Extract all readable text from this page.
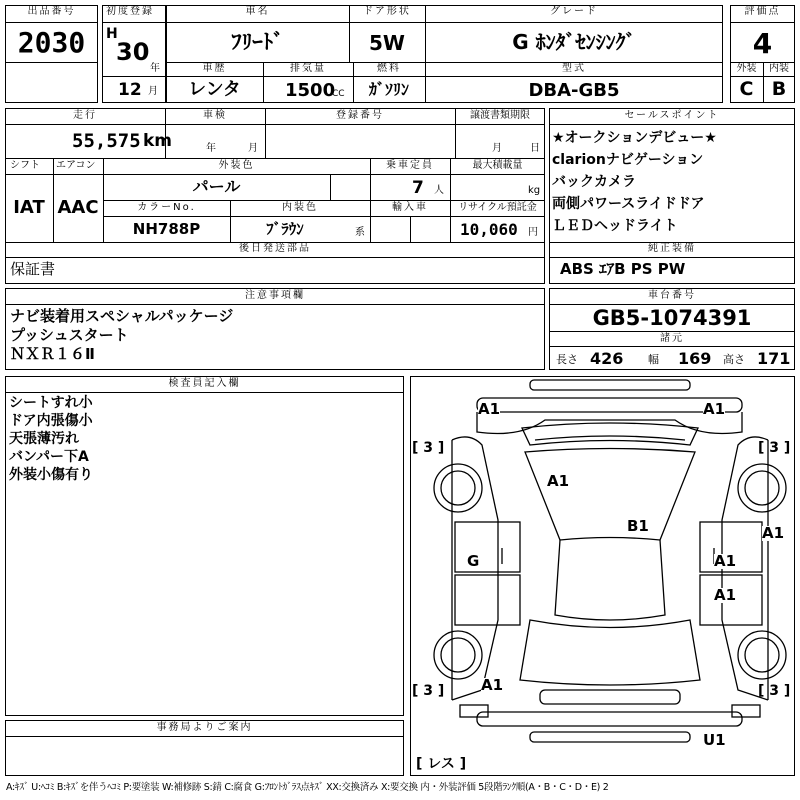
出品番号
2030
初度登録
H
30
年
12 月
車名
ﾌﾘｰﾄﾞ
ドア形状
5W
グレード
G ﾎﾝﾀﾞｾﾝｼﾝｸﾞ
車歴
レンタ
排気量
1500
CC
燃料
ｶﾞｿﾘﾝ
型式
DBA-GB5
評価点
4
外装	内装
C B
走行
55,575 km
車検
年	月
登録番号	譲渡書類期限
月	日
シフト
IAT
エアコン
AAC
外装色
パール
乗車定員
7 人
最大積載量
kg
カラーNo.
NH788P
内装色
ﾌﾞﾗｳﾝ	系
輸入車	リサイクル預託金
10,060 円
後日発送部品
保証書
セールスポイント
★オークションデビュー★
clarionナビゲーション
バックカメラ
両側パワースライドドア
ＬＥＤヘッドライト
純正装備
ABS ｴｱB PS PW
注意事項欄
ナビ装着用スペシャルパッケージ
プッシュスタート
ＮＸＲ１６Ⅱ
車台番号
GB5-1074391
諸元
長さ 426 幅 169 高さ 171
検査員記入欄
シートすれ小
ドア内張傷小
天張薄汚れ
バンパー下A
外装小傷有り
事務局よりご案内
A1	A1
A1
G
B1	A1
A1
A1
A1
U1
[ 3 ]	[ 3 ]
[ 3 ]	[ 3 ]
[ レス ]
A:ｷｽﾞ U:ﾍｺﾐ B:ｷｽﾞを伴うﾍｺﾐ P:要塗装 W:補修跡 S:錆 C:腐食 G:ﾌﾛﾝﾄｶﾞﾗｽ点ｷｽﾞ XX:交換済み X:要交換 内・外装評価 5段階ﾗﾝｸ順(A・B・C・D・E) 2
